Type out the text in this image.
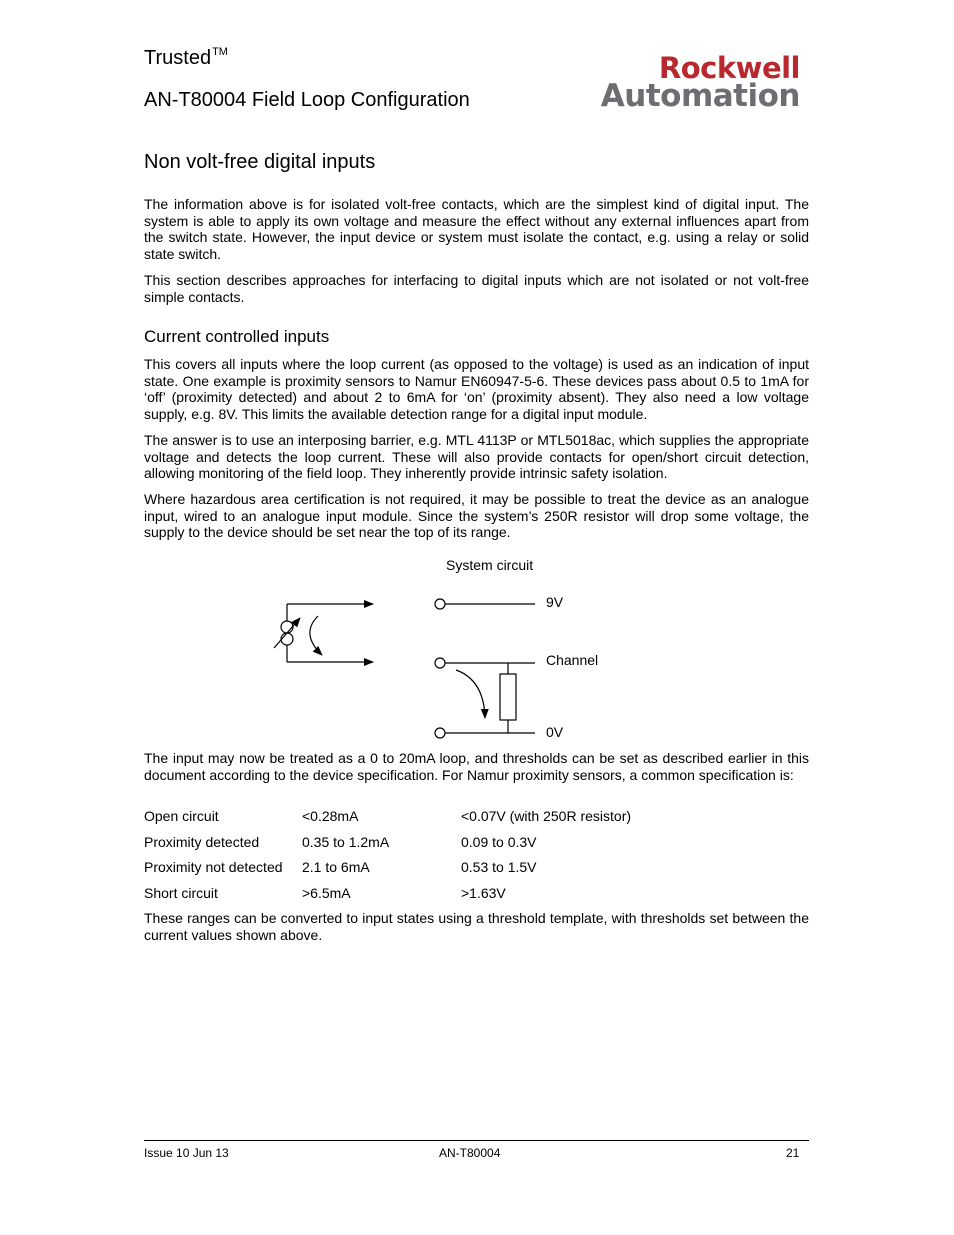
Trusted™
AN-T80004 Field Loop Configuration
Rockwell
Automation
Non volt-free digital inputs

The information above is for isolated volt-free contacts, which are the simplest kind of digital input. The system is able to apply its own voltage and measure the effect without any external influences apart from the switch state. However, the input device or system must isolate the contact, e.g. using a relay or solid state switch.

This section describes approaches for interfacing to digital inputs which are not isolated or not volt-free simple contacts.

Current controlled inputs

This covers all inputs where the loop current (as opposed to the voltage) is used as an indication of input state. One example is proximity sensors to Namur EN60947-5-6. These devices pass about 0.5 to 1mA for ‘off’ (proximity detected) and about 2 to 6mA for ‘on’ (proximity absent). They also need a low voltage supply, e.g. 8V. This limits the available detection range for a digital input module.

The answer is to use an interposing barrier, e.g. MTL 4113P or MTL5018ac, which supplies the appropriate voltage and detects the loop current. These will also provide contacts for open/short circuit detection, allowing monitoring of the field loop. They inherently provide intrinsic safety isolation.

Where hazardous area certification is not required, it may be possible to treat the device as an analogue input, wired to an analogue input module. Since the system’s 250R resistor will drop some voltage, the supply to the device should be set near the top of its range.

System circuit
9V
Channel
0V

The input may now be treated as a 0 to 20mA loop, and thresholds can be set as described earlier in this document according to the device specification. For Namur proximity sensors, a common specification is:

Open circuit	<0.28mA	<0.07V (with 250R resistor)
Proximity detected	0.35 to 1.2mA	0.09 to 0.3V
Proximity not detected 2.1 to 6mA	0.53 to 1.5V
Short circuit	>6.5mA	>1.63V

These ranges can be converted to input states using a threshold template, with thresholds set between the current values shown above.

Issue 10 Jun 13	AN-T80004	21
